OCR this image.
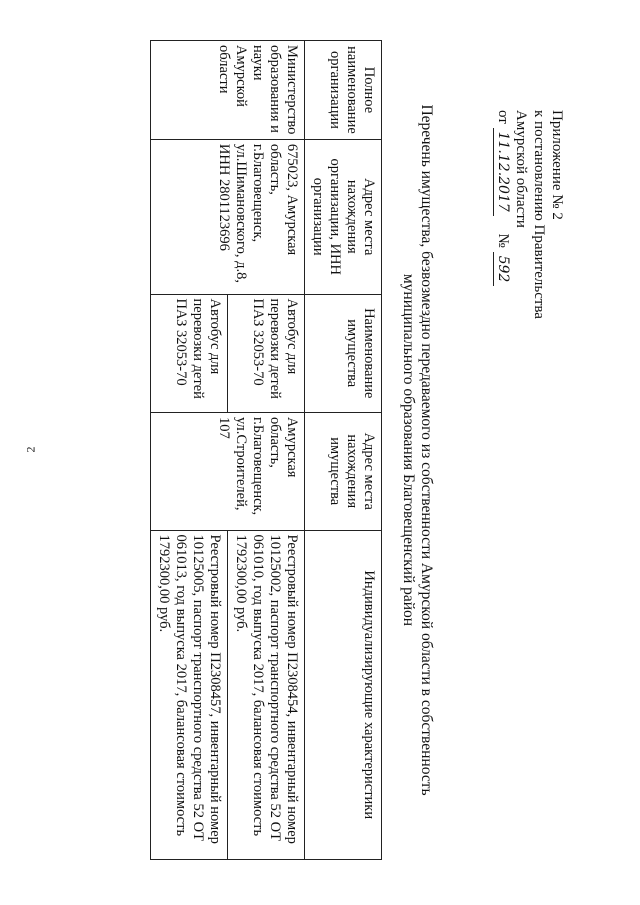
2
Приложение № 2
к постановлению Правительства
Амурской области
от 11.12.2017 № 592
Перечень имущества, безвозмездно передаваемого из собственности Амурской области в собственность муниципального образования Благовещенский район
Полное наименование организации	Адрес места нахождения организации, ИНН организации	Наименование имущества	Адрес места нахождения имущества	Индивидуализирующие характеристики

Министерство образования и науки Амурской области	675023, Амурская область, г.Благовещенск, ул.Шимановского, д.8, ИНН 2801123696	Автобус для перевозки детей ПАЗ 32053-70	Амурская область, г.Благовещенск, ул.Строителей, 107	Реестровый номер П2308454, инвентарный номер 10125002, паспорт транспортного средства 52 ОТ 061010, год выпуска 2017, балансовая стоимость 1792300,00 руб.

		Автобус для перевозки детей ПАЗ 32053-70		Реестровый номер П2308457, инвентарный номер 10125005, паспорт транспортного средства 52 ОТ 061013, год выпуска 2017, балансовая стоимость 1792300,00 руб.
